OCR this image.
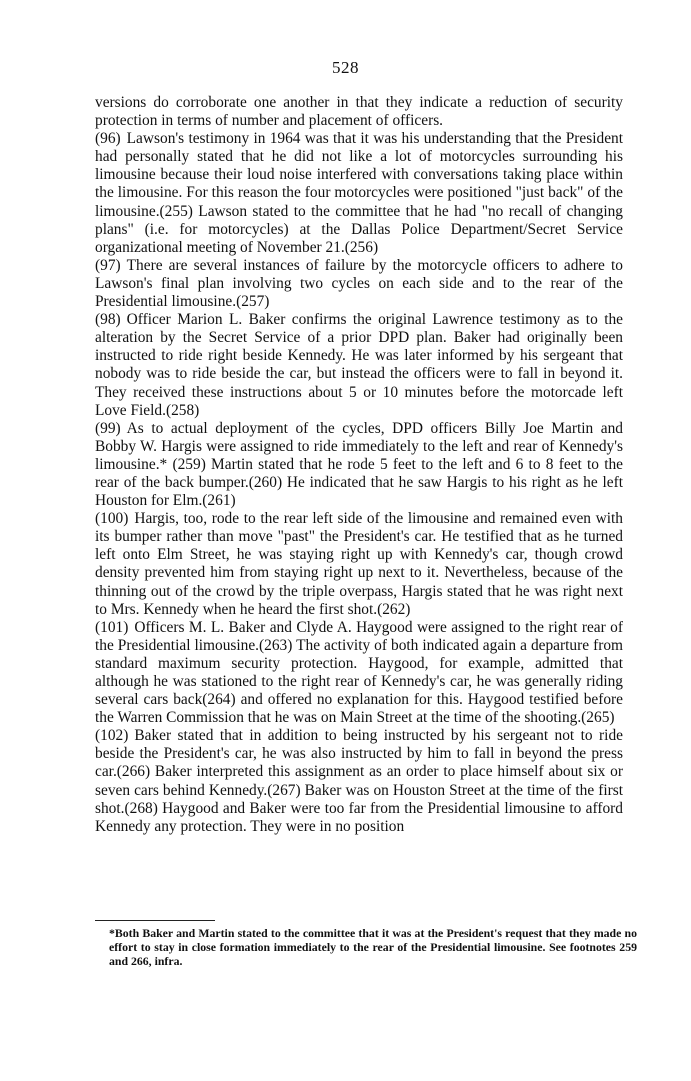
528

versions do corroborate one another in that they indicate a reduction of security protection in terms of number and placement of officers.

(96) Lawson's testimony in 1964 was that it was his understanding that the President had personally stated that he did not like a lot of motorcycles surrounding his limousine because their loud noise interfered with conversations taking place within the limousine. For this reason the four motorcycles were positioned "just back" of the limousine.(255) Lawson stated to the committee that he had "no recall of changing plans" (i.e. for motorcycles) at the Dallas Police Department/Secret Service organizational meeting of November 21.(256)

(97) There are several instances of failure by the motorcycle officers to adhere to Lawson's final plan involving two cycles on each side and to the rear of the Presidential limousine.(257)

(98) Officer Marion L. Baker confirms the original Lawrence testimony as to the alteration by the Secret Service of a prior DPD plan. Baker had originally been instructed to ride right beside Kennedy. He was later informed by his sergeant that nobody was to ride beside the car, but instead the officers were to fall in beyond it. They received these instructions about 5 or 10 minutes before the motorcade left Love Field.(258)

(99) As to actual deployment of the cycles, DPD officers Billy Joe Martin and Bobby W. Hargis were assigned to ride immediately to the left and rear of Kennedy's limousine.* (259) Martin stated that he rode 5 feet to the left and 6 to 8 feet to the rear of the back bumper.(260) He indicated that he saw Hargis to his right as he left Houston for Elm.(261)

(100) Hargis, too, rode to the rear left side of the limousine and remained even with its bumper rather than move "past" the President's car. He testified that as he turned left onto Elm Street, he was staying right up with Kennedy's car, though crowd density prevented him from staying right up next to it. Nevertheless, because of the thinning out of the crowd by the triple overpass, Hargis stated that he was right next to Mrs. Kennedy when he heard the first shot.(262)

(101) Officers M. L. Baker and Clyde A. Haygood were assigned to the right rear of the Presidential limousine.(263) The activity of both indicated again a departure from standard maximum security protection. Haygood, for example, admitted that although he was stationed to the right rear of Kennedy's car, he was generally riding several cars back(264) and offered no explanation for this. Haygood testified before the Warren Commission that he was on Main Street at the time of the shooting.(265)

(102) Baker stated that in addition to being instructed by his sergeant not to ride beside the President's car, he was also instructed by him to fall in beyond the press car.(266) Baker interpreted this assignment as an order to place himself about six or seven cars behind Kennedy.(267) Baker was on Houston Street at the time of the first shot.(268) Haygood and Baker were too far from the Presidential limousine to afford Kennedy any protection. They were in no position

*Both Baker and Martin stated to the committee that it was at the President's request that they made no effort to stay in close formation immediately to the rear of the Presidential limousine. See footnotes 259 and 266, infra.
